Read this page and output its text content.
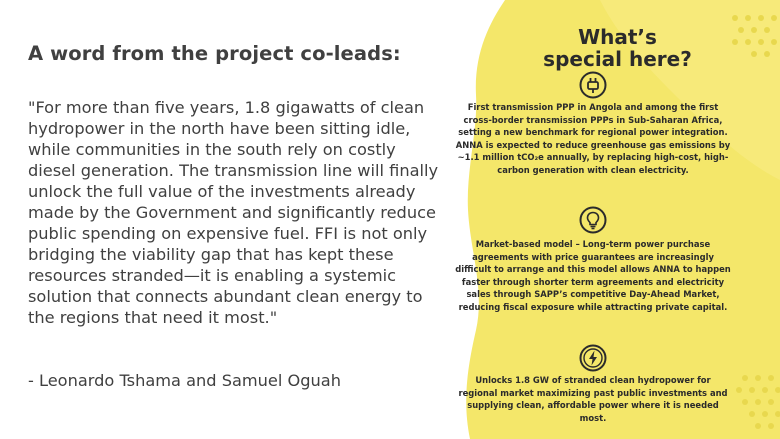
A word from the project co-leads:

"For more than five years, 1.8 gigawatts of clean hydropower in the north have been sitting idle, while communities in the south rely on costly diesel generation. The transmission line will finally unlock the full value of the investments already made by the Government and significantly reduce public spending on expensive fuel. FFI is not only bridging the viability gap that has kept these resources stranded—it is enabling a systemic solution that connects abundant clean energy to the regions that need it most."

- Leonardo Tshama and Samuel Oguah

What’s
special here?

First transmission PPP in Angola and among the first cross-border transmission PPPs in Sub-Saharan Africa, setting a new benchmark for regional power integration. ANNA is expected to reduce greenhouse gas emissions by ~1.1 million tCO₂e annually, by replacing high-cost, high-carbon generation with clean electricity.

Market-based model – Long-term power purchase agreements with price guarantees are increasingly difficult to arrange and this model allows ANNA to happen faster through shorter term agreements and electricity sales through SAPP’s competitive Day-Ahead Market, reducing fiscal exposure while attracting private capital.

Unlocks 1.8 GW of stranded clean hydropower for regional market maximizing past public investments and supplying clean, affordable power where it is needed most.
